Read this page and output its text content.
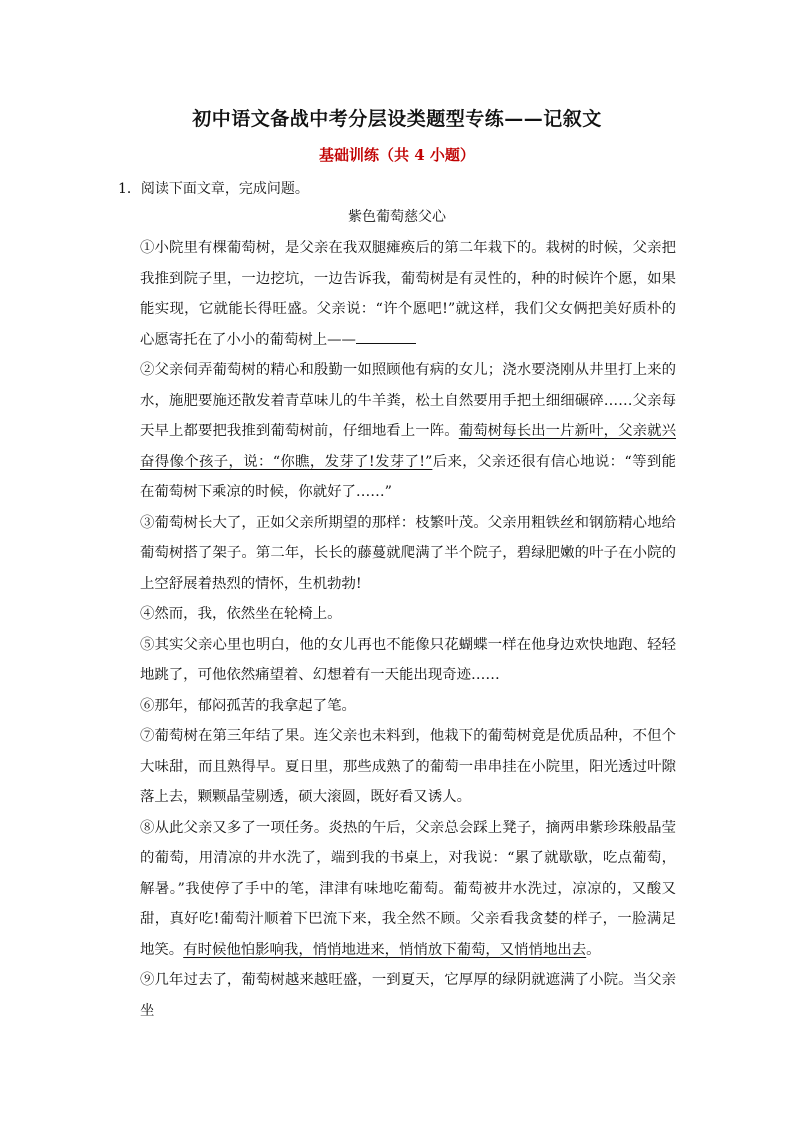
初中语文备战中考分层设类题型专练——记叙文
基础训练（共 4 小题）
1．阅读下面文章，完成问题。
紫色葡萄慈父心

①小院里有棵葡萄树，是父亲在我双腿瘫痪后的第二年栽下的。栽树的时候，父亲把我推到院子里，一边挖坑，一边告诉我，葡萄树是有灵性的，种的时候许个愿，如果能实现，它就能长得旺盛。父亲说：“许个愿吧!”就这样，我们父女俩把美好质朴的心愿寄托在了小小的葡萄树上——

②父亲伺弄葡萄树的精心和殷勤一如照顾他有病的女儿；浇水要浇刚从井里打上来的水，施肥要施还散发着青草味儿的牛羊粪，松土自然要用手把土细细碾碎……父亲每天早上都要把我推到葡萄树前，仔细地看上一阵。葡萄树每长出一片新叶，父亲就兴奋得像个孩子，说：“你瞧，发芽了!发芽了!”后来，父亲还很有信心地说：“等到能在葡萄树下乘凉的时候，你就好了……”

③葡萄树长大了，正如父亲所期望的那样：枝繁叶茂。父亲用粗铁丝和钢筋精心地给葡萄树搭了架子。第二年，长长的藤蔓就爬满了半个院子，碧绿肥嫩的叶子在小院的上空舒展着热烈的情怀，生机勃勃!

④然而，我，依然坐在轮椅上。

⑤其实父亲心里也明白，他的女儿再也不能像只花蝴蝶一样在他身边欢快地跑、轻轻地跳了，可他依然痛望着、幻想着有一天能出现奇迹……

⑥那年，郁闷孤苦的我拿起了笔。

⑦葡萄树在第三年结了果。连父亲也未料到，他栽下的葡萄树竟是优质品种，不但个大味甜，而且熟得早。夏日里，那些成熟了的葡萄一串串挂在小院里，阳光透过叶隙落上去，颗颗晶莹剔透，硕大滚圆，既好看又诱人。

⑧从此父亲又多了一项任务。炎热的午后，父亲总会踩上凳子，摘两串紫珍珠般晶莹的葡萄，用清凉的井水洗了，端到我的书桌上，对我说：“累了就歇歇，吃点葡萄，解暑。”我使停了手中的笔，津津有味地吃葡萄。葡萄被井水洗过，凉凉的，又酸又甜，真好吃!葡萄汁顺着下巴流下来，我全然不顾。父亲看我贪婪的样子，一脸满足地笑。有时候他怕影响我，悄悄地进来，悄悄放下葡萄，又悄悄地出去。

⑨几年过去了，葡萄树越来越旺盛，一到夏天，它厚厚的绿阴就遮满了小院。当父亲坐
